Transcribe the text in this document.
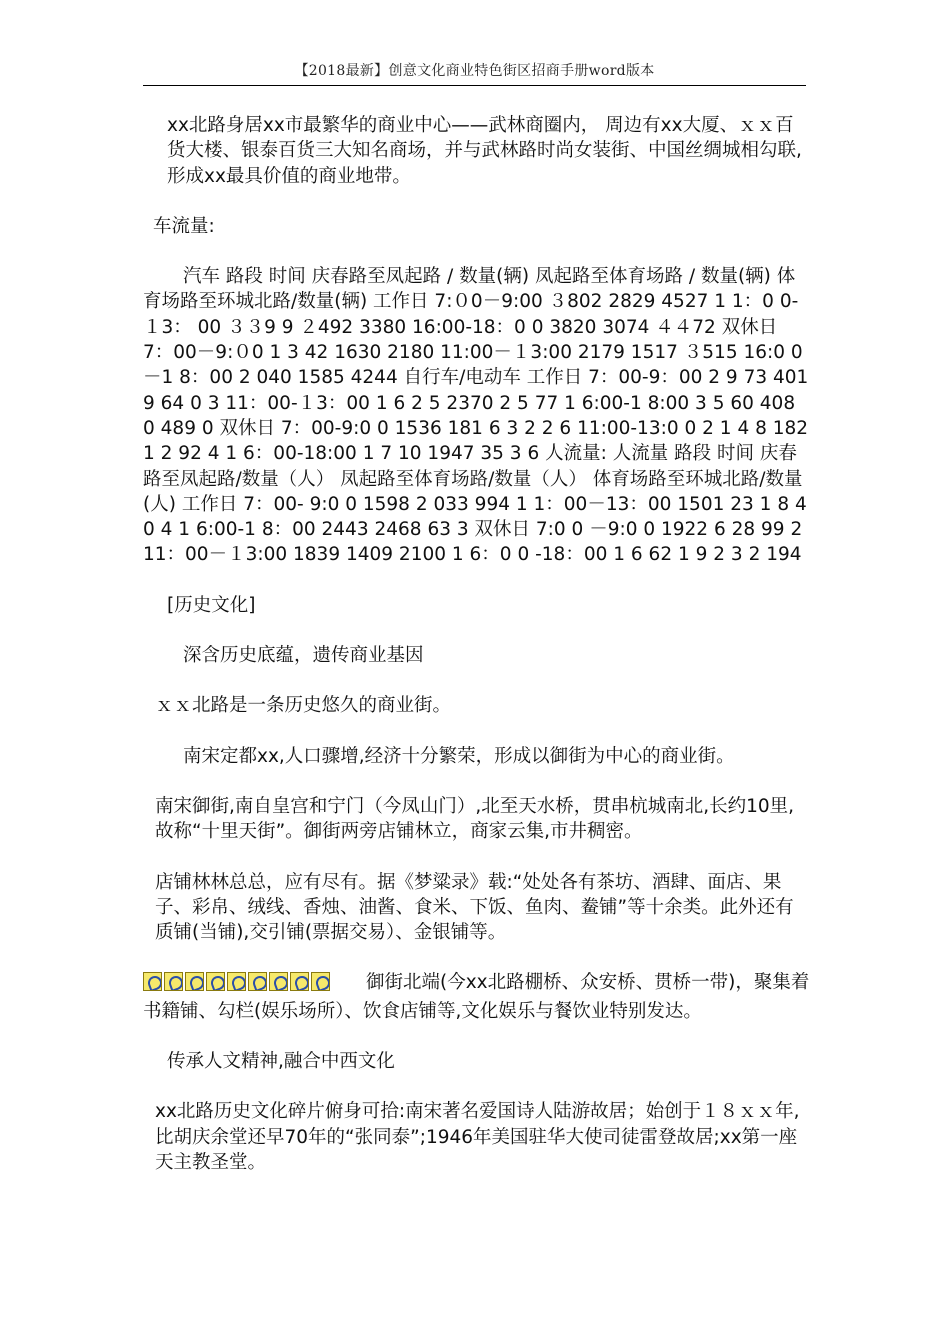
【2018最新】创意文化商业特色街区招商手册word版本

xx北路身居xx市最繁华的商业中心——武林商圈内， 周边有xx大厦、ｘｘ百货大楼、银泰百货三大知名商场，并与武林路时尚女装街、中国丝绸城相勾联,形成xx最具价值的商业地带。

车流量:

汽车 路段 时间 庆春路至凤起路 / 数量(辆) 凤起路至体育场路 / 数量(辆) 体育场路至环城北路/数量(辆) 工作日 7:０0－9:00 ３802 2829 4527 1 1：0 0-１3： 00 ３３9 9 ２492 3380 16:00-18：0 0 3820 3074 ４４72 双休日 7：00－9:０0 1 3 42 1630 2180 11:00－１3:00 2179 1517 ３515 16:0 0 －1 8：00 2 040 1585 4244 自行车/电动车 工作日 7：00-9：00 2 9 73 4019 64 0 3 11：00-１3：00 1 6 2 5 2370 2 5 77 1 6:00-1 8:00 3 5 60 408 0 489 0 双休日 7：00-9:0 0 1536 181 6 3 2 2 6 11:00-13:0 0 2 1 4 8 1821 2 92 4 1 6：00-18:00 1 7 10 1947 35 3 6 人流量: 人流量 路段 时间 庆春路至凤起路/数量（人） 凤起路至体育场路/数量（人） 体育场路至环城北路/数量(人) 工作日 7：00- 9:0 0 1598 2 033 994 1 1：00－13：00 1501 23 1 8 4 0 4 1 6:00-1 8：00 2443 2468 63 3 双休日 7:0 0 －9:0 0 1922 6 28 99 2 11：00－１3:00 1839 1409 2100 1 6：0 0 -18：00 1 6 62 1 9 2 3 2 194

[历史文化]

深含历史底蕴，遗传商业基因

ｘｘ北路是一条历史悠久的商业街。

南宋定都xx,人口骤增,经济十分繁荣，形成以御街为中心的商业街。

南宋御街,南自皇宫和宁门（今凤山门）,北至天水桥，贯串杭城南北,长约10里,故称“十里天街”。御街两旁店铺林立，商家云集,市井稠密。

店铺林林总总，应有尽有。据《梦粱录》载:“处处各有茶坊、酒肆、面店、果子、彩帛、绒线、香烛、油酱、食米、下饭、鱼肉、鲞铺”等十余类。此外还有质铺(当铺),交引铺(票据交易）、金银铺等。

御街北端(今xx北路棚桥、众安桥、贯桥一带)，聚集着书籍铺、勾栏(娱乐场所）、饮食店铺等,文化娱乐与餐饮业特别发达。

传承人文精神,融合中西文化

xx北路历史文化碎片俯身可拾:南宋著名爱国诗人陆游故居；始创于１８ｘｘ年,比胡庆余堂还早70年的“张同泰”;1946年美国驻华大使司徒雷登故居;xx第一座天主教圣堂。
